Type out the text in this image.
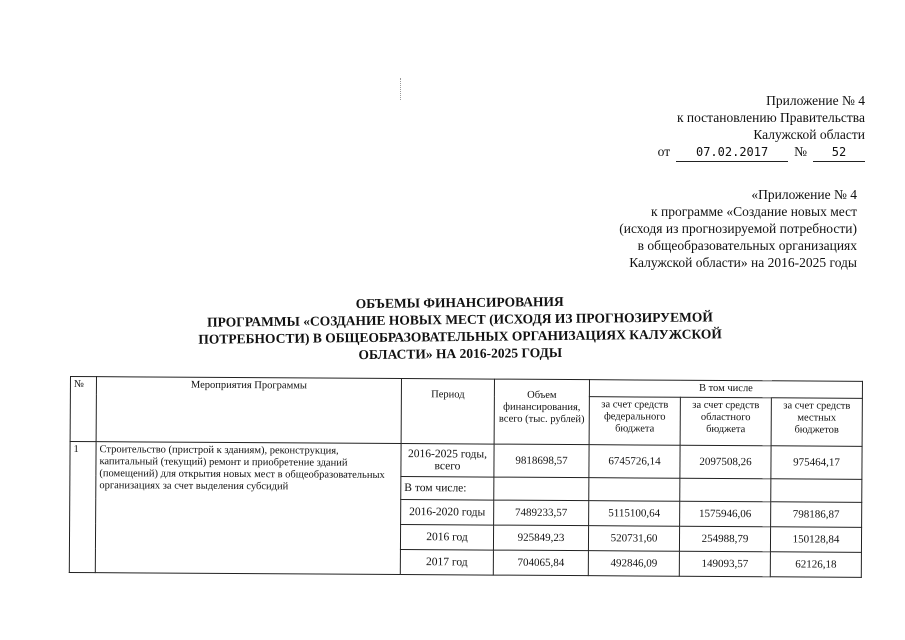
Приложение № 4
к постановлению Правительства
Калужской области
от	07.02.2017	№	52
«Приложение № 4
к программе «Создание новых мест
(исходя из прогнозируемой потребности)
в общеобразовательных организациях
Калужской области» на 2016-2025 годы
ОБЪЕМЫ ФИНАНСИРОВАНИЯ
ПРОГРАММЫ «СОЗДАНИЕ НОВЫХ МЕСТ (ИСХОДЯ ИЗ ПРОГНОЗИРУЕМОЙ
ПОТРЕБНОСТИ) В ОБЩЕОБРАЗОВАТЕЛЬНЫХ ОРГАНИЗАЦИЯХ КАЛУЖСКОЙ
ОБЛАСТИ» НА 2016-2025 ГОДЫ
№	Мероприятия Программы	Период	Объем финансирования, всего (тыс. рублей)	В том числе		
				за счет средств федерального бюджета	за счет средств областного бюджета	за счет средств местных бюджетов
1	Строительство (пристрой к зданиям), реконструкция, капитальный (текущий) ремонт и приобретение зданий (помещений) для открытия новых мест в общеобразовательных организациях за счет выделения субсидий	2016-2025 годы, всего	9818698,57	6745726,14	2097508,26	975464,17
		В том числе:				
		2016-2020 годы	7489233,57	5115100,64	1575946,06	798186,87
		2016 год	925849,23	520731,60	254988,79	150128,84
		2017 год	704065,84	492846,09	149093,57	62126,18
